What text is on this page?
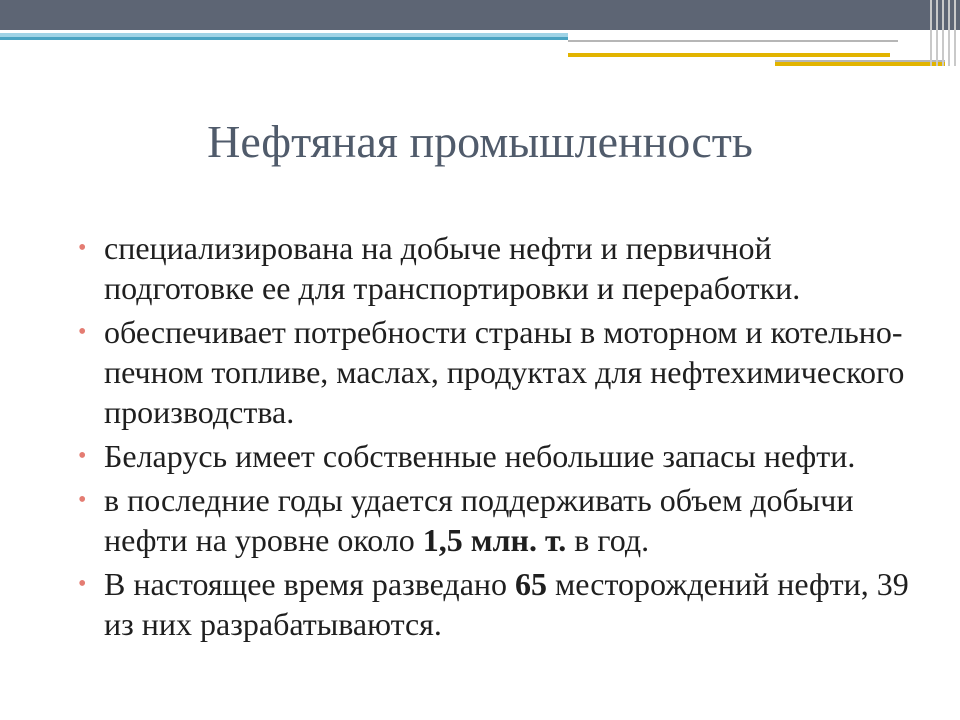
Нефтяная промышленность
• специализирована на добыче нефти и первичной подготовке ее для транспортировки и переработки.
• обеспечивает потребности страны в моторном и котельно-печном топливе, маслах, продуктах для нефтехимического производства.
• Беларусь имеет собственные небольшие запасы нефти.
• в последние годы удается поддерживать объем добычи нефти на уровне около 1,5 млн. т. в год.
• В настоящее время разведано 65 месторождений нефти, 39 из них разрабатываются.
